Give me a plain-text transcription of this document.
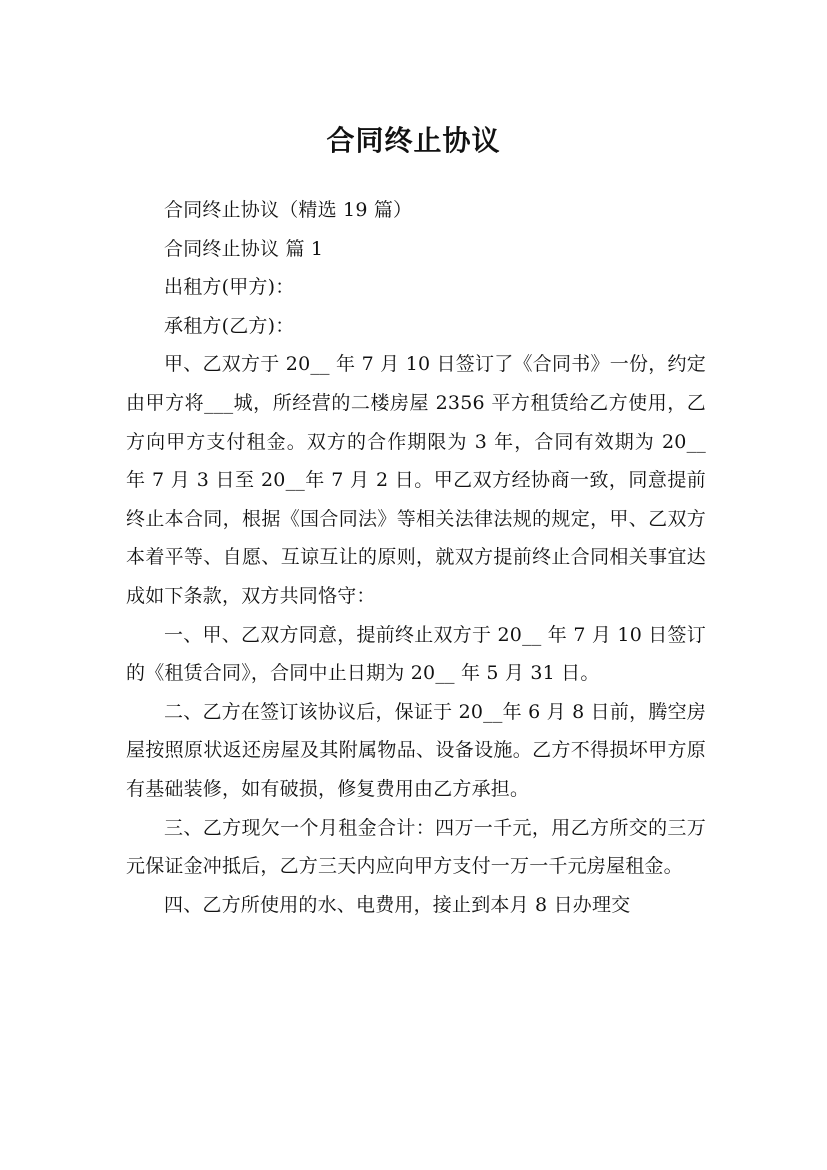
合同终止协议

合同终止协议（精选 19 篇）

合同终止协议 篇 1

出租方(甲方)：

承租方(乙方)：

甲、乙双方于 20__ 年 7 月 10 日签订了《合同书》一份，约定由甲方将___城，所经营的二楼房屋 2356 平方租赁给乙方使用，乙方向甲方支付租金。双方的合作期限为 3 年，合同有效期为 20__ 年 7 月 3 日至 20__年 7 月 2 日。甲乙双方经协商一致，同意提前终止本合同，根据《国合同法》等相关法律法规的规定，甲、乙双方本着平等、自愿、互谅互让的原则，就双方提前终止合同相关事宜达成如下条款，双方共同恪守：

一、甲、乙双方同意，提前终止双方于 20__ 年 7 月 10 日签订的《租赁合同》，合同中止日期为 20__ 年 5 月 31 日。

二、乙方在签订该协议后，保证于 20__年 6 月 8 日前，腾空房屋按照原状返还房屋及其附属物品、设备设施。乙方不得损坏甲方原有基础装修，如有破损，修复费用由乙方承担。

三、乙方现欠一个月租金合计：四万一千元，用乙方所交的三万元保证金冲抵后，乙方三天内应向甲方支付一万一千元房屋租金。

四、乙方所使用的水、电费用，接止到本月 8 日办理交
